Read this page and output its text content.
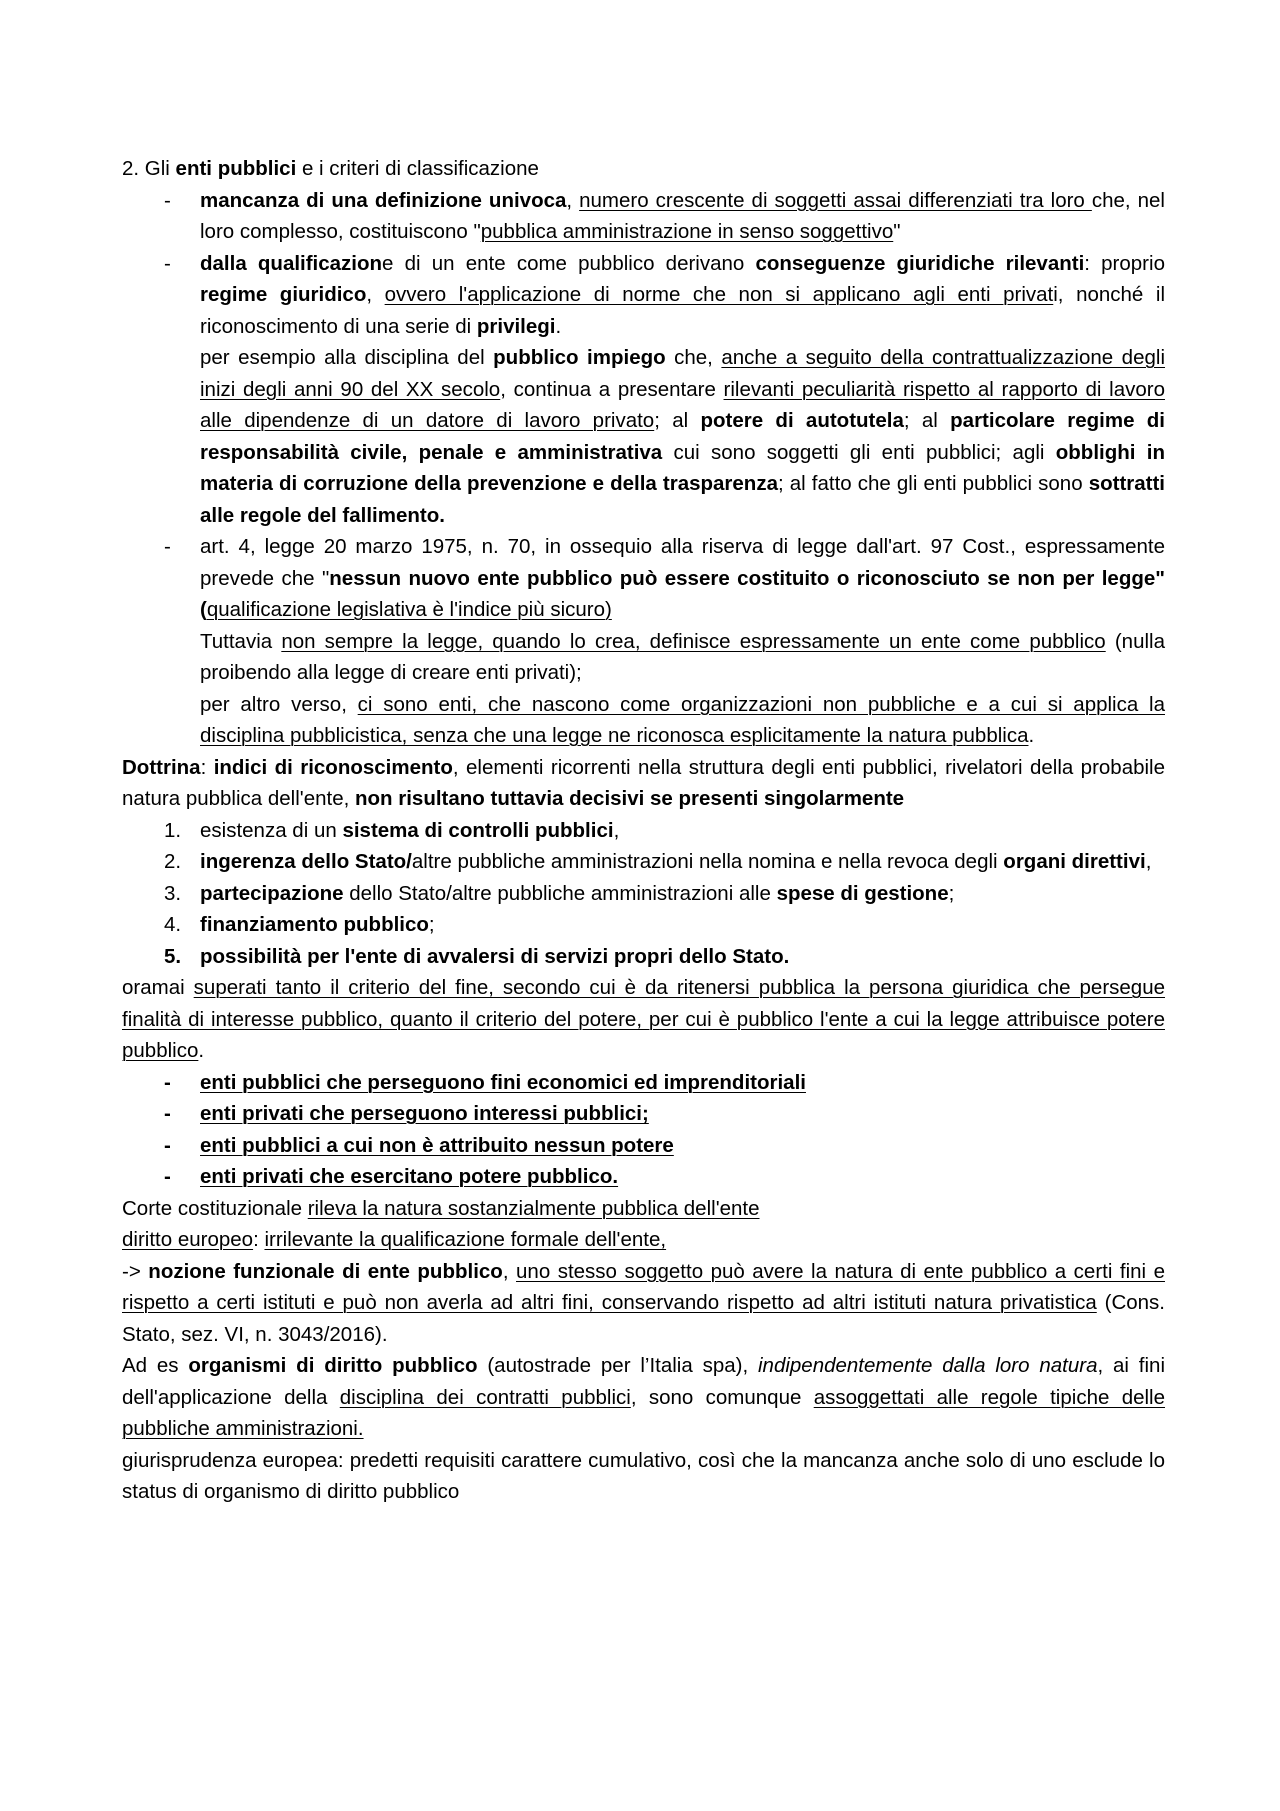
2. Gli enti pubblici e i criteri di classificazione

- mancanza di una definizione univoca, numero crescente di soggetti assai differenziati tra loro che, nel loro complesso, costituiscono "pubblica amministrazione in senso soggettivo"
- dalla qualificazione di un ente come pubblico derivano conseguenze giuridiche rilevanti: proprio regime giuridico, ovvero l'applicazione di norme che non si applicano agli enti privati, nonché il riconoscimento di una serie di privilegi.
per esempio alla disciplina del pubblico impiego che, anche a seguito della contrattualizzazione degli inizi degli anni 90 del XX secolo, continua a presentare rilevanti peculiarità rispetto al rapporto di lavoro alle dipendenze di un datore di lavoro privato; al potere di autotutela; al particolare regime di responsabilità civile, penale e amministrativa cui sono soggetti gli enti pubblici; agli obblighi in materia di corruzione della prevenzione e della trasparenza; al fatto che gli enti pubblici sono sottratti alle regole del fallimento.
- art. 4, legge 20 marzo 1975, n. 70, in ossequio alla riserva di legge dall'art. 97 Cost., espressamente prevede che "nessun nuovo ente pubblico può essere costituito o riconosciuto se non per legge" (qualificazione legislativa è l'indice più sicuro)
Tuttavia non sempre la legge, quando lo crea, definisce espressamente un ente come pubblico (nulla proibendo alla legge di creare enti privati);
per altro verso, ci sono enti, che nascono come organizzazioni non pubbliche e a cui si applica la disciplina pubblicistica, senza che una legge ne riconosca esplicitamente la natura pubblica.

Dottrina: indici di riconoscimento, elementi ricorrenti nella struttura degli enti pubblici, rivelatori della probabile natura pubblica dell'ente, non risultano tuttavia decisivi se presenti singolarmente

1. esistenza di un sistema di controlli pubblici,
2. ingerenza dello Stato/altre pubbliche amministrazioni nella nomina e nella revoca degli organi direttivi,
3. partecipazione dello Stato/altre pubbliche amministrazioni alle spese di gestione;
4. finanziamento pubblico;
5. possibilità per l'ente di avvalersi di servizi propri dello Stato.

oramai superati tanto il criterio del fine, secondo cui è da ritenersi pubblica la persona giuridica che persegue finalità di interesse pubblico, quanto il criterio del potere, per cui è pubblico l'ente a cui la legge attribuisce potere pubblico.

- enti pubblici che perseguono fini economici ed imprenditoriali
- enti privati che perseguono interessi pubblici;
- enti pubblici a cui non è attribuito nessun potere
- enti privati che esercitano potere pubblico.

Corte costituzionale rileva la natura sostanzialmente pubblica dell'ente

diritto europeo: irrilevante la qualificazione formale dell'ente,

-> nozione funzionale di ente pubblico, uno stesso soggetto può avere la natura di ente pubblico a certi fini e rispetto a certi istituti e può non averla ad altri fini, conservando rispetto ad altri istituti natura privatistica (Cons. Stato, sez. VI, n. 3043/2016).

Ad es organismi di diritto pubblico (autostrade per l’Italia spa), indipendentemente dalla loro natura, ai fini dell'applicazione della disciplina dei contratti pubblici, sono comunque assoggettati alle regole tipiche delle pubbliche amministrazioni.

giurisprudenza europea: predetti requisiti carattere cumulativo, così che la mancanza anche solo di uno esclude lo status di organismo di diritto pubblico
